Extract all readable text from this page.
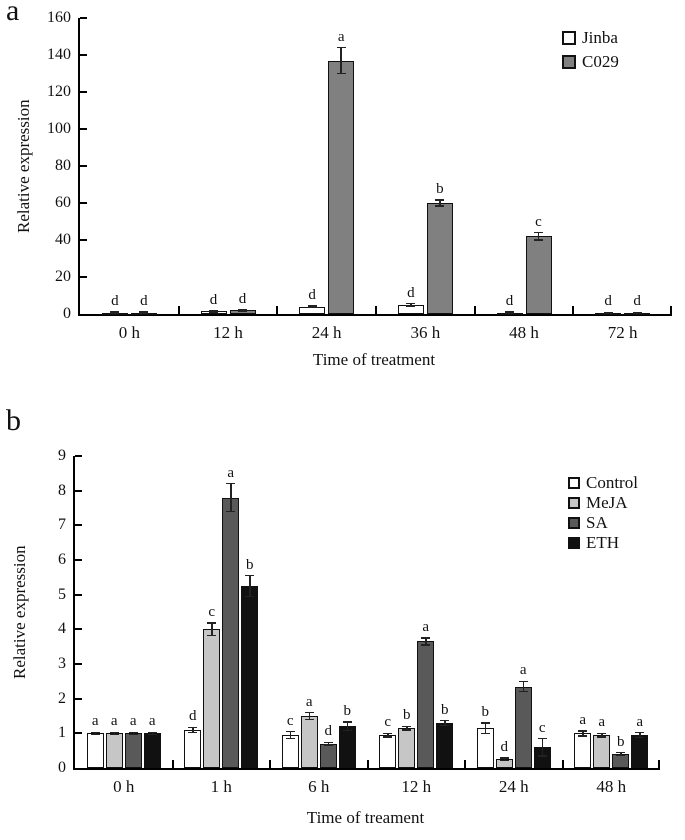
a
Relative expression
0
20
40
60
80
100
120
140
160
0 h	12 h	24 h	36 h	48 h	72 h
d	d	d	d
d	d
d	d
a
b
c
d
Jinba
C029
Time of treatment
b
Relative expression
0
1
2
3
4
5
6
7
8
9
0 h	1 h	6 h	12 h	24 h	48 h
a	d	c	c
b	a
a
c
a
b
d
a
a
a
d
a
a
b
a
b
b	b
c	a
Control
MeJA
SA
ETH
Time of treament
